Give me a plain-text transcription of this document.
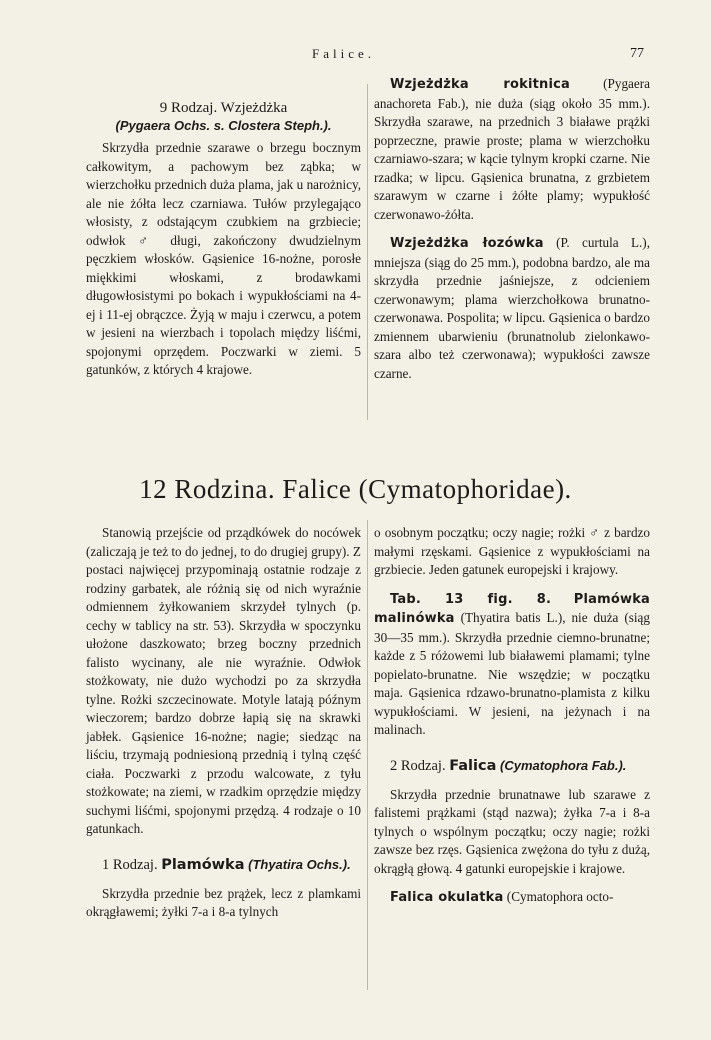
Falice.	77
9 Rodzaj. Wzjeżdżka
(Pygaera Ochs. s. Clostera Steph.).

Skrzydła przednie szarawe o brzegu bocznym całkowitym, a pachowym bez ząbka; w wierzchołku przednich duża plama, jak u narożnicy, ale nie żółta lecz czarniawa. Tułów przylegająco włosisty, z odstającym czubkiem na grzbiecie; odwłok ♂ długi, zakończony dwudzielnym pęczkiem włosków. Gąsienice 16-nożne, porosłe miękkimi włoskami, z brodawkami długowłosistymi po bokach i wypukłościami na 4-ej i 11-ej obrączce. Żyją w maju i czerwcu, a potem w jesieni na wierzbach i topolach między liśćmi, spojonymi oprzędem. Poczwarki w ziemi. 5 gatunków, z których 4 krajowe.

Wzjeżdżka rokitnica	(Pygaera anachoreta Fab.), nie duża (siąg około 35 mm.). Skrzydła szarawe, na przednich 3 białawe prążki poprzeczne, prawie proste; plama w wierzchołku czarniawo-szara; w kącie tylnym kropki czarne. Nie rzadka; w lipcu. Gąsienica brunatna, z grzbietem szarawym w czarne i żółte plamy; wypukłość czerwonawo-żółta.

Wzjeżdżka łozówka (P. curtula L.), mniejsza (siąg do 25 mm.), podobna bardzo, ale ma skrzydła przednie jaśniejsze, z odcieniem czerwonawym; plama wierzchołkowa brunatno-czerwonawa. Pospolita; w lipcu. Gąsienica o bardzo zmiennem ubarwieniu (brunatnolub zielonkawo-szara albo też czerwonawa); wypukłości zawsze czarne.

12 Rodzina. Falice (Cymatophoridae).

Stanowią przejście od prządkówek do nocówek (zaliczają je też to do jednej, to do drugiej grupy). Z postaci najwięcej przypominają ostatnie rodzaje z rodziny garbatek, ale różnią się od nich wyraźnie odmiennem żyłkowaniem skrzydeł tylnych (p. cechy w tablicy na str. 53). Skrzydła w spoczynku ułożone daszkowato; brzeg boczny przednich falisto wycinany, ale nie wyraźnie. Odwłok stożkowaty, nie dużo wychodzi po za skrzydła tylne. Rożki szczecinowate. Motyle latają późnym wieczorem; bardzo dobrze łapią się na skrawki jabłek. Gąsienice 16-nożne; nagie; siedząc na liściu, trzymają podniesioną przednią i tylną część ciała. Poczwarki z przodu walcowate, z tyłu stożkowate; na ziemi, w rzadkim oprzędzie między suchymi liśćmi, spojonymi przędzą. 4 rodzaje o 10 gatunkach.

1 Rodzaj. Plamówka (Thyatira Ochs.).

Skrzydła przednie bez prążek, lecz z plamkami okrągławemi; żyłki 7-a i 8-a tylnych

o osobnym początku; oczy nagie; rożki ♂ z bardzo małymi rzęskami. Gąsienice z wypukłościami na grzbiecie. Jeden gatunek europejski i krajowy.

Tab. 13 fig. 8. Plamówka malinówka (Thyatira batis L.), nie duża (siąg 30—35 mm.). Skrzydła przednie ciemno-brunatne; każde z 5 różowemi lub białawemi plamami; tylne popielato-brunatne. Nie wszędzie; w początku maja. Gąsienica rdzawo-brunatno-plamista z kilku wypukłościami. W jesieni, na jeżynach i na malinach.

2 Rodzaj. Falica (Cymatophora Fab.).

Skrzydła przednie brunatnawe lub szarawe z falistemi prążkami (stąd nazwa); żyłka 7-a i 8-a tylnych o wspólnym początku; oczy nagie; rożki zawsze bez rzęs. Gąsienica zwężona do tyłu z dużą, okrągłą głową. 4 gatunki europejskie i krajowe.

Falica okulatka (Cymatophora octo-
